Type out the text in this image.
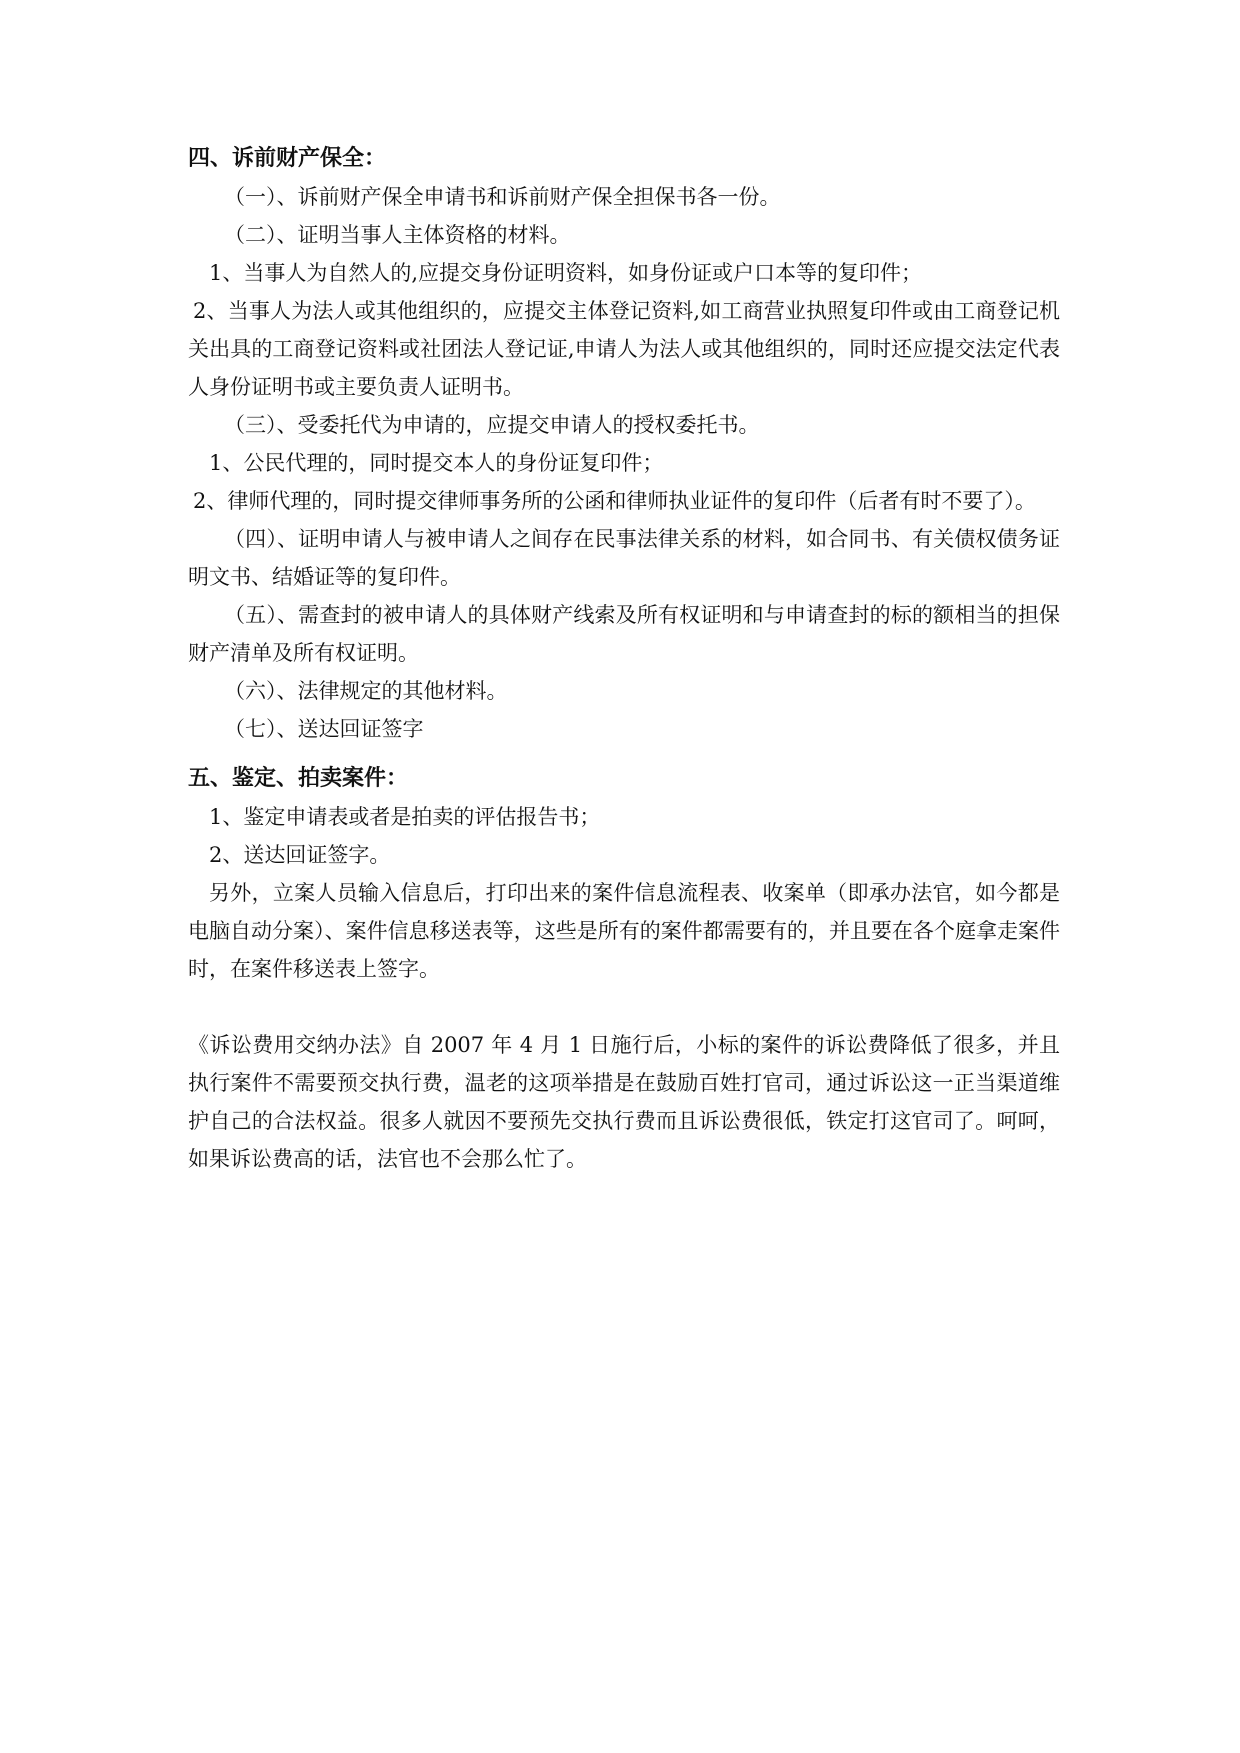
四、诉前财产保全：

（一）、诉前财产保全申请书和诉前财产保全担保书各一份。

（二）、证明当事人主体资格的材料。

1、当事人为自然人的,应提交身份证明资料，如身份证或户口本等的复印件；

2、当事人为法人或其他组织的，应提交主体登记资料,如工商营业执照复印件或由工商登记机关出具的工商登记资料或社团法人登记证,申请人为法人或其他组织的，同时还应提交法定代表人身份证明书或主要负责人证明书。

（三）、受委托代为申请的，应提交申请人的授权委托书。

1、公民代理的，同时提交本人的身份证复印件；

2、律师代理的，同时提交律师事务所的公函和律师执业证件的复印件（后者有时不要了）。

（四）、证明申请人与被申请人之间存在民事法律关系的材料，如合同书、有关债权债务证明文书、结婚证等的复印件。

（五）、需查封的被申请人的具体财产线索及所有权证明和与申请查封的标的额相当的担保财产清单及所有权证明。

（六）、法律规定的其他材料。

（七）、送达回证签字

五、鉴定、拍卖案件：

1、鉴定申请表或者是拍卖的评估报告书；

2、送达回证签字。

另外，立案人员输入信息后，打印出来的案件信息流程表、收案单（即承办法官，如今都是电脑自动分案）、案件信息移送表等，这些是所有的案件都需要有的，并且要在各个庭拿走案件时，在案件移送表上签字。

《诉讼费用交纳办法》自 2007 年 4 月 1 日施行后，小标的案件的诉讼费降低了很多，并且执行案件不需要预交执行费，温老的这项举措是在鼓励百姓打官司，通过诉讼这一正当渠道维护自己的合法权益。很多人就因不要预先交执行费而且诉讼费很低，铁定打这官司了。呵呵，如果诉讼费高的话，法官也不会那么忙了。
